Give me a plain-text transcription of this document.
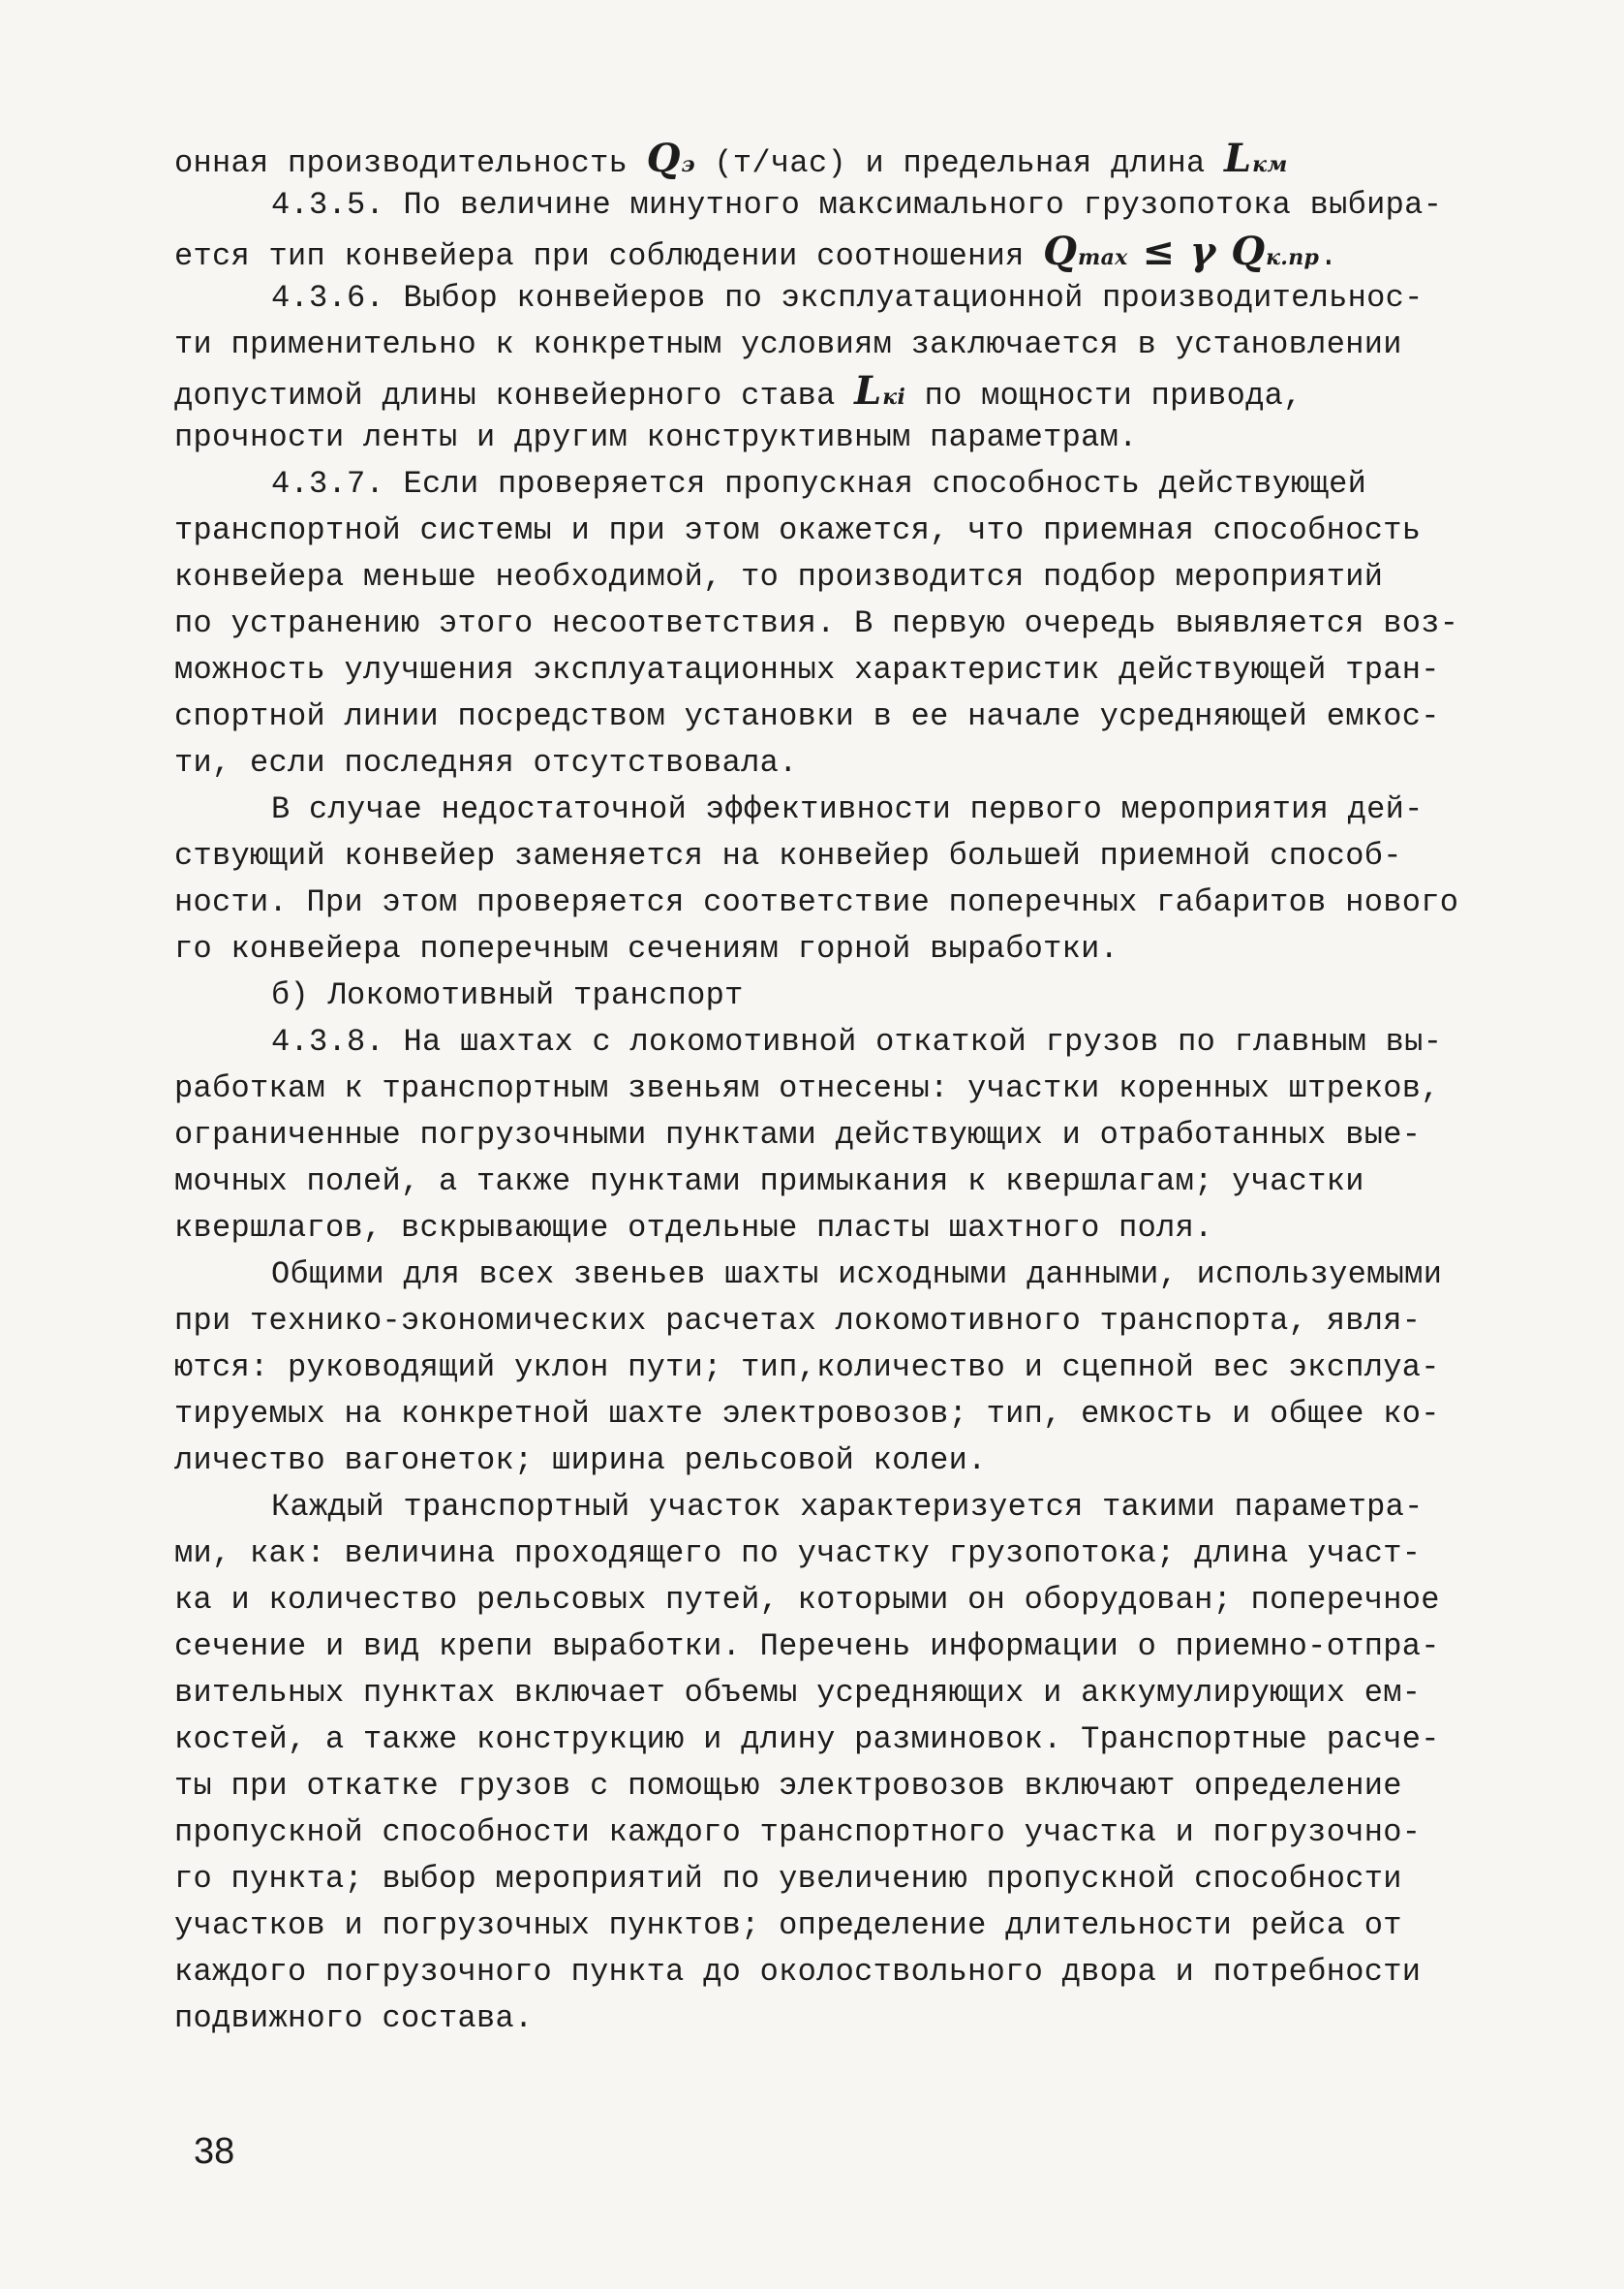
онная производительность Qэ (т/час) и предельная длина Lкм
4.3.5. По величине минутного максимального грузопотока выбира-
ется тип конвейера при соблюдении соотношения Qmax ≤ γ Qк.пр.
4.3.6. Выбор конвейеров по эксплуатационной производительнос-
ти применительно к конкретным условиям заключается в установлении
допустимой длины конвейерного става Lкі по мощности привода,
прочности ленты и другим конструктивным параметрам.
4.3.7. Если проверяется пропускная способность действующей
транспортной системы и при этом окажется, что приемная способность
конвейера меньше необходимой, то производится подбор мероприятий
по устранению этого несоответствия. В первую очередь выявляется воз-
можность улучшения эксплуатационных характеристик действующей тран-
спортной линии посредством установки в ее начале усредняющей емкос-
ти, если последняя отсутствовала.
В случае недостаточной эффективности первого мероприятия дей-
ствующий конвейер заменяется на конвейер большей приемной способ-
ности. При этом проверяется соответствие поперечных габаритов нового
го конвейера поперечным сечениям горной выработки.
б) Локомотивный транспорт
4.3.8. На шахтах с локомотивной откаткой грузов по главным вы-
работкам к транспортным звеньям отнесены: участки коренных штреков,
ограниченные погрузочными пунктами действующих и отработанных вые-
мочных полей, а также пунктами примыкания к квершлагам; участки
квершлагов, вскрывающие отдельные пласты шахтного поля.
Общими для всех звеньев шахты исходными данными, используемыми
при технико-экономических расчетах локомотивного транспорта, явля-
ются: руководящий уклон пути; тип,количество и сцепной вес эксплуа-
тируемых на конкретной шахте электровозов; тип, емкость и общее ко-
личество вагонеток; ширина рельсовой колеи.
Каждый транспортный участок характеризуется такими параметра-
ми, как: величина проходящего по участку грузопотока; длина участ-
ка и количество рельсовых путей, которыми он оборудован; поперечное
сечение и вид крепи выработки. Перечень информации о приемно-отпра-
вительных пунктах включает объемы усредняющих и аккумулирующих ем-
костей, а также конструкцию и длину разминовок. Транспортные расче-
ты при откатке грузов с помощью электровозов включают определение
пропускной способности каждого транспортного участка и погрузочно-
го пункта; выбор мероприятий по увеличению пропускной способности
участков и погрузочных пунктов; определение длительности рейса от
каждого погрузочного пункта до околоствольного двора и потребности
подвижного состава.
38
